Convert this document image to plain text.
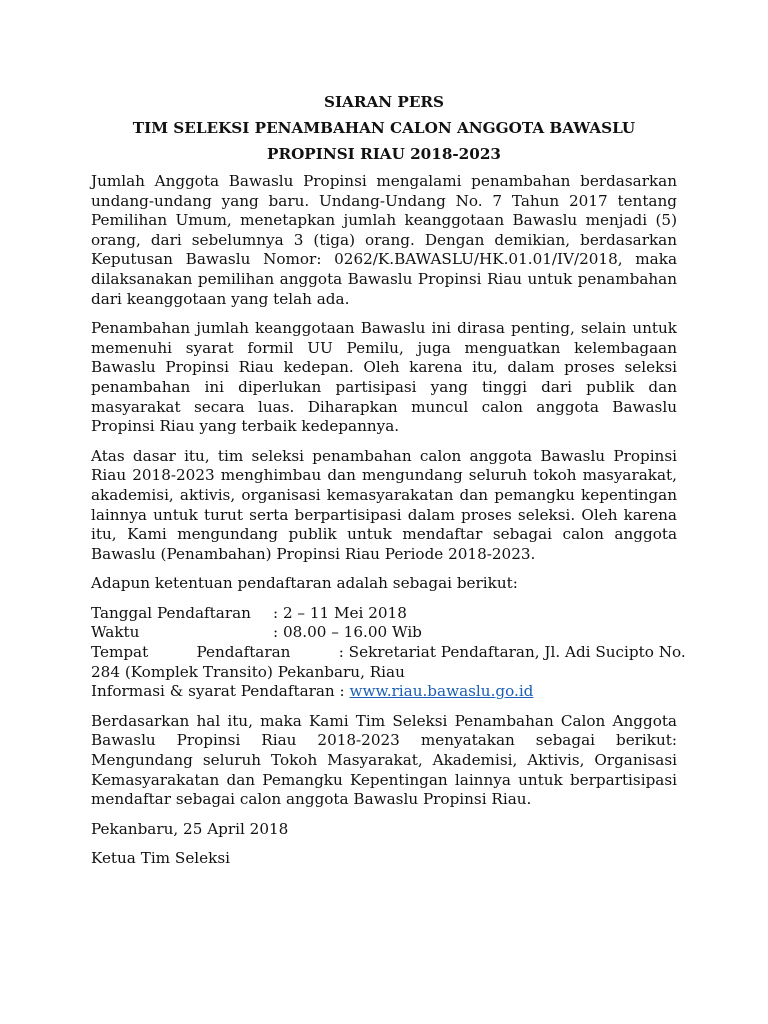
SIARAN PERS

TIM SELEKSI PENAMBAHAN CALON ANGGOTA BAWASLU

PROPINSI RIAU 2018-2023

Jumlah Anggota Bawaslu Propinsi mengalami penambahan berdasarkan undang-undang yang baru. Undang-Undang No. 7 Tahun 2017 tentang Pemilihan Umum, menetapkan jumlah keanggotaan Bawaslu menjadi (5) orang, dari sebelumnya 3 (tiga) orang. Dengan demikian, berdasarkan Keputusan Bawaslu Nomor: 0262/K.BAWASLU/HK.01.01/IV/2018, maka dilaksanakan pemilihan anggota Bawaslu Propinsi Riau untuk penambahan dari keanggotaan yang telah ada.

Penambahan jumlah keanggotaan Bawaslu ini dirasa penting, selain untuk memenuhi syarat formil UU Pemilu, juga menguatkan kelembagaan Bawaslu Propinsi Riau kedepan. Oleh karena itu, dalam proses seleksi penambahan ini diperlukan partisipasi yang tinggi dari publik dan masyarakat secara luas. Diharapkan muncul calon anggota Bawaslu Propinsi Riau yang terbaik kedepannya.

Atas dasar itu, tim seleksi penambahan calon anggota Bawaslu Propinsi Riau 2018-2023 menghimbau dan mengundang seluruh tokoh masyarakat, akademisi, aktivis, organisasi kemasyarakatan dan pemangku kepentingan lainnya untuk turut serta berpartisipasi dalam proses seleksi. Oleh karena itu, Kami mengundang publik untuk mendaftar sebagai calon anggota Bawaslu (Penambahan) Propinsi Riau Periode 2018-2023.

Adapun ketentuan pendaftaran adalah sebagai berikut:

Tanggal Pendaftaran	: 2 – 11 Mei 2018
Waktu	: 08.00 – 16.00 Wib

Tempat          Pendaftaran          : Sekretariat Pendaftaran, Jl. Adi Sucipto No.

284 (Komplek Transito) Pekanbaru, Riau

Informasi & syarat Pendaftaran : www.riau.bawaslu.go.id

Berdasarkan hal itu, maka Kami Tim Seleksi Penambahan Calon Anggota Bawaslu Propinsi Riau 2018-2023 menyatakan sebagai berikut: Mengundang seluruh Tokoh Masyarakat, Akademisi, Aktivis, Organisasi Kemasyarakatan dan Pemangku Kepentingan lainnya untuk berpartisipasi mendaftar sebagai calon anggota Bawaslu Propinsi Riau.

Pekanbaru, 25 April 2018

Ketua Tim Seleksi
